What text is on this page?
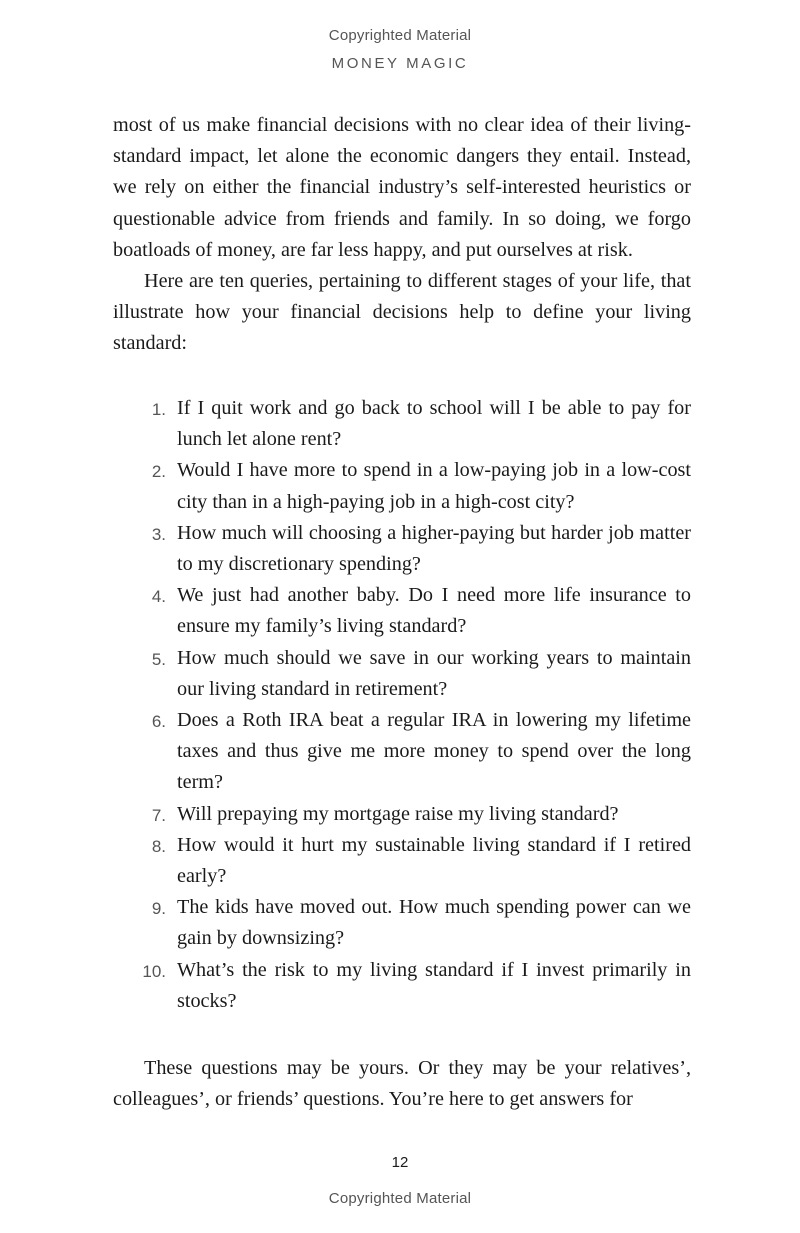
Copyrighted Material
MONEY MAGIC

most of us make financial decisions with no clear idea of their living-standard impact, let alone the economic dangers they entail. Instead, we rely on either the financial industry’s self-interested heuristics or questionable advice from friends and family. In so doing, we forgo boatloads of money, are far less happy, and put ourselves at risk.

Here are ten queries, pertaining to different stages of your life, that illustrate how your financial decisions help to define your living standard:

1. If I quit work and go back to school will I be able to pay for lunch let alone rent?
2. Would I have more to spend in a low-paying job in a low-cost city than in a high-paying job in a high-cost city?
3. How much will choosing a higher-paying but harder job matter to my discretionary spending?
4. We just had another baby. Do I need more life insurance to ensure my family’s living standard?
5. How much should we save in our working years to maintain our living standard in retirement?
6. Does a Roth IRA beat a regular IRA in lowering my lifetime taxes and thus give me more money to spend over the long term?
7. Will prepaying my mortgage raise my living standard?
8. How would it hurt my sustainable living standard if I retired early?
9. The kids have moved out. How much spending power can we gain by downsizing?
10. What’s the risk to my living standard if I invest primarily in stocks?

These questions may be yours. Or they may be your relatives’, colleagues’, or friends’ questions. You’re here to get answers for

12
Copyrighted Material
